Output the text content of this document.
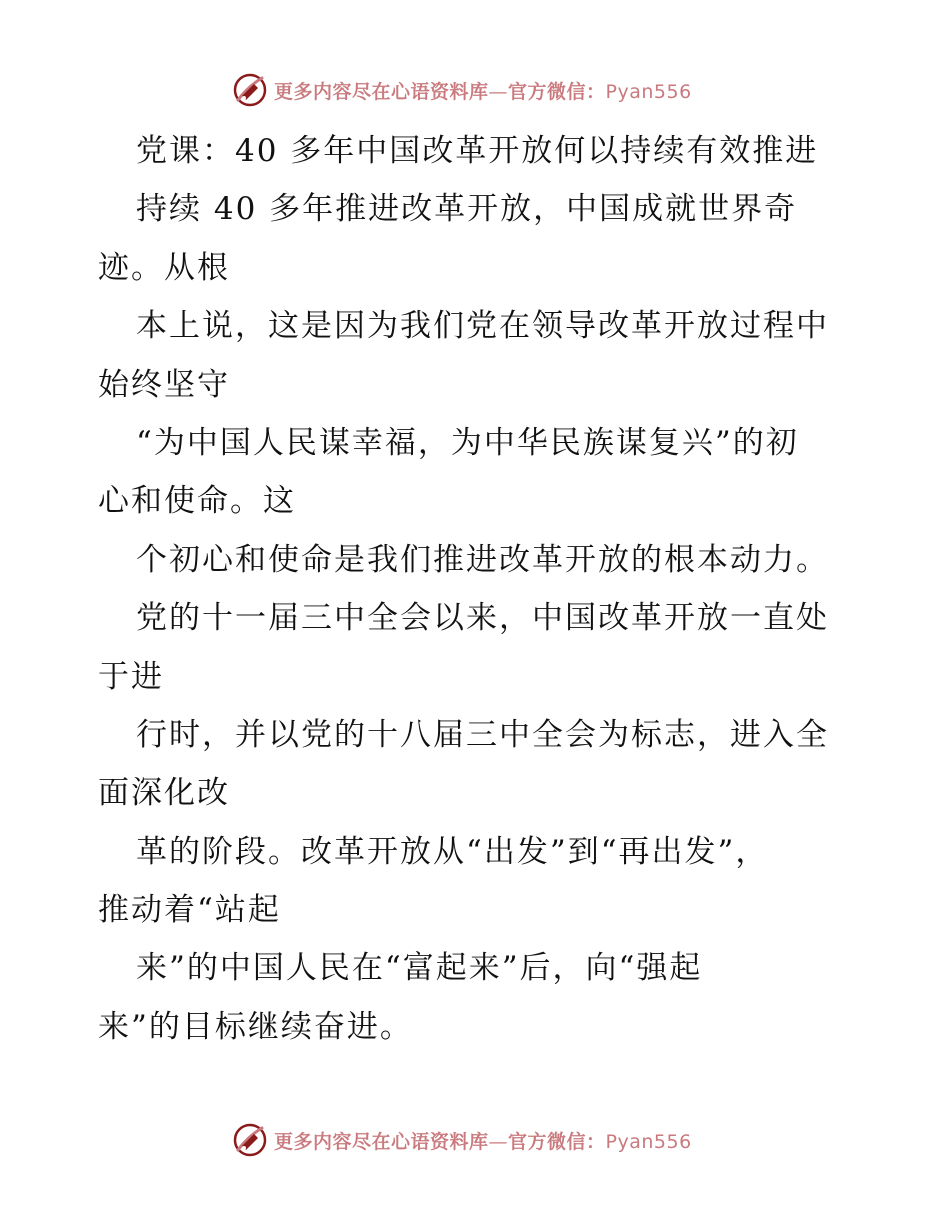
更多内容尽在心语资料库—官方微信：Pyan556
党课：40 多年中国改革开放何以持续有效推进
持续 40 多年推进改革开放，中国成就世界奇
迹。从根
本上说，这是因为我们党在领导改革开放过程中
始终坚守
“为中国人民谋幸福，为中华民族谋复兴”的初
心和使命。这
个初心和使命是我们推进改革开放的根本动力。
党的十一届三中全会以来，中国改革开放一直处
于进
行时，并以党的十八届三中全会为标志，进入全
面深化改
革的阶段。改革开放从“出发”到“再出发”，
推动着“站起
来”的中国人民在“富起来”后，向“强起
来”的目标继续奋进。
更多内容尽在心语资料库—官方微信：Pyan556
